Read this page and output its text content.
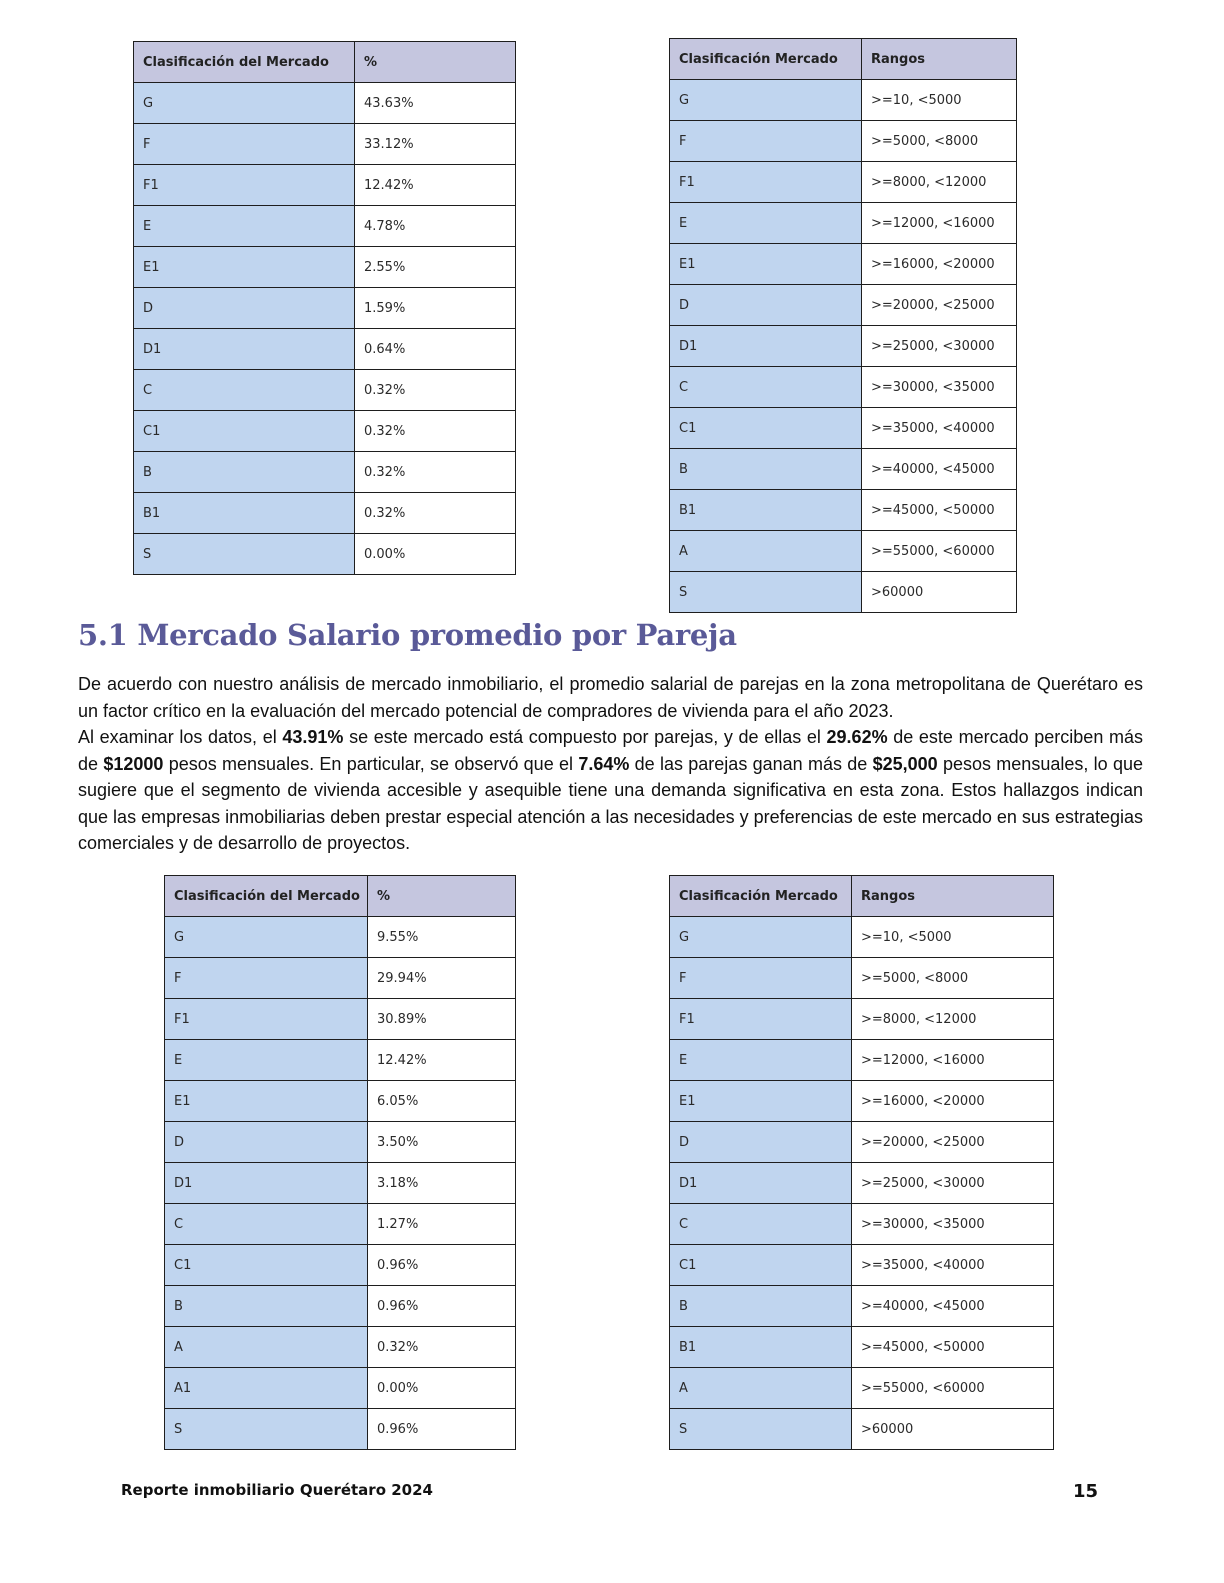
Clasificación del Mercado	%
G	43.63%
F	33.12%
F1	12.42%
E	4.78%
E1	2.55%
D	1.59%
D1	0.64%
C	0.32%
C1	0.32%
B	0.32%
B1	0.32%
S	0.00%
Clasificación Mercado	Rangos
G	>=10, <5000
F	>=5000, <8000
F1	>=8000, <12000
E	>=12000, <16000
E1	>=16000, <20000
D	>=20000, <25000
D1	>=25000, <30000
C	>=30000, <35000
C1	>=35000, <40000
B	>=40000, <45000
B1	>=45000, <50000
A	>=55000, <60000
S	>60000
5.1 Mercado Salario promedio por Pareja

De acuerdo con nuestro análisis de mercado inmobiliario, el promedio salarial de parejas en la zona metropolitana de Querétaro es un factor crítico en la evaluación del mercado potencial de compradores de vivienda para el año 2023.

Al examinar los datos, el 43.91% se este mercado está compuesto por parejas, y de ellas el 29.62% de este mercado perciben más de $12000 pesos mensuales. En particular, se observó que el 7.64% de las parejas ganan más de $25,000 pesos mensuales, lo que sugiere que el segmento de vivienda accesible y asequible tiene una demanda significativa en esta zona. Estos hallazgos indican que las empresas inmobiliarias deben prestar especial atención a las necesidades y preferencias de este mercado en sus estrategias comerciales y de desarrollo de proyectos.

Clasificación del Mercado	%
G	9.55%
F	29.94%
F1	30.89%
E	12.42%
E1	6.05%
D	3.50%
D1	3.18%
C	1.27%
C1	0.96%
B	0.96%
A	0.32%
A1	0.00%
S	0.96%
Clasificación Mercado	Rangos
G	>=10, <5000
F	>=5000, <8000
F1	>=8000, <12000
E	>=12000, <16000
E1	>=16000, <20000
D	>=20000, <25000
D1	>=25000, <30000
C	>=30000, <35000
C1	>=35000, <40000
B	>=40000, <45000
B1	>=45000, <50000
A	>=55000, <60000
S	>60000
Reporte inmobiliario Querétaro 2024	15
